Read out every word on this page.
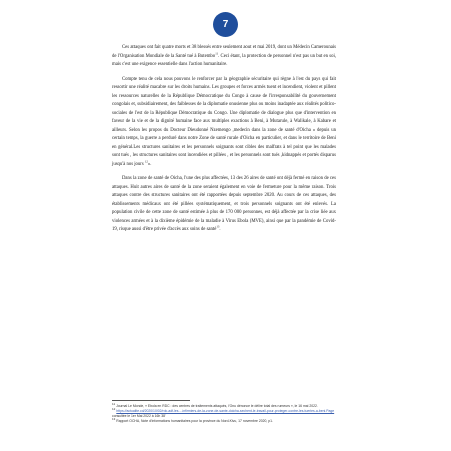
7

Ces attaques ont fait quatre morts et 38 blessés entre seulement aout et mai 2019, dont un Médecin Camerounais de l'Organisation Mondiale de la Santé tué à Butembo$^{11}$. Ceci étant, la protection de personnel n'est pas un but en soi, mais c'est une exigence essentielle dans l'action humanitaire.

Compte tenu de cela nous pouvons le renforcer par la géographie sécuritaire qui règne à l'est du pays qui fait ressortir une réalité macabre sur les droits humains. Les groupes et forces armés tuent et incendient, violent et pillent les ressources naturelles de la République Démocratique du Congo à cause de l'irresponsabilité du gouvernement congolais et, subsidiairement, des faiblesses de la diplomatie onusienne plus ou moins inadaptée aux réalités politico-sociales de l'est de la République Démocratique du Congo. Une diplomatie de dialogue plus que d'intervention en faveur de la vie et de la dignité humaine face aux multiples exactions à Beni, à Mutarule, à Walikale, à Kabare et ailleurs. Selon les propos du Docteur Dieudonné Nzemengo ,medecin dans la zone de santé d'Oicha « depuis un certain temps, la guerre a perduré dans notre Zone de santé rurale d'Oicha en particulier, et dans le territoire de Beni en général.Les structures sanitaires et les personnels soignants sont cibles des malfrats à tel point que les malades sont tués , les structures sanitaires sont incendiées et pillées , et les personnels sont tués ,kidnappés et portés disparus jusqu'à nos jours $^{12}$».

Dans la zone de santé de Oicha, l'une des plus affectées, 13 des 26 aires de santé ont déjà fermé en raison de ces attaques. Huit autres aires de santé de la zone seraient également en voie de fermeture pour la même raison. Trois attaques contre des structures sanitaires ont été rapportées depuis septembre 2020. Au cours de ces attaques, des établissements médicaux ont été pillées systématiquement, et trois personnels soignants ont été enlevés. La population civile de cette zone de santé estimée à plus de 170 000 personnes, est déjà affectée par la crise liée aux violences armées et à la dixième épidémie de la maladie à Virus Ebola (MVE), ainsi que par la pandémie de Covid-19, risque aussi d'être privée d'accès aux soins de santé$^{13}$.

$^{11}$ Journal Le Monde, « Ebola en RDC : des centres de traitements attaqués, l'Onu dénonce le délire total des rumeurs », le 16 mai 2022.
$^{12}$ https://actualite.cd/2020/10/02/rdc-adf-les...-infirmiers-de-la-zone-de-sante-doicha-sechent-le-travail-pour-proteger-contre-les-tueries-a-beni.Page consultée le 1er Mai 2022 à 16h 38'
$^{13}$ Rapport OCHA, Note d'informations humanitaires pour la province du Nord-Kivu, 17 novembre 2020, p1.
